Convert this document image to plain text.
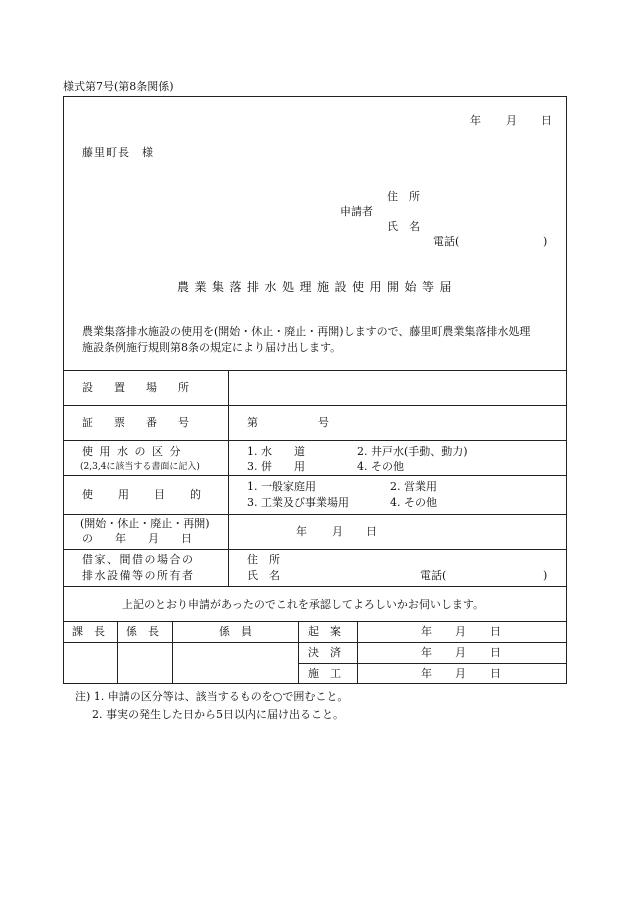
様式第7号(第8条関係)
年 月 日
藤里町長　様
住　所
申請者
氏　名
電話(	)
農業集落排水処理施設使用開始等届
農業集落排水施設の使用を(開始・休止・廃止・再開)しますので、藤里町農業集落排水処理
施設条例施行規則第8条の規定により届け出します。
設　置　場　所
証　票　番　号	第	号
使 用 水 の 区 分
(2,3,4に該当する書面に記入)
1. 水　　道	2. 井戸水(手動、動力)
3. 併　　用	4. その他
使　　用　　目　　的
1. 一般家庭用	2. 営業用
3. 工業及び事業場用	4. その他
(開始・休止・廃止・再開)
の　　年　　月　　日
年 月 日
借家、間借の場合の
排水設備等の所有者
住　所
氏　名	電話(	)
上記のとおり申請があったのでこれを承認してよろしいかお伺いします。
課　長 係　長	係　員	起　案	年 月 日
決　済	年 月 日
施　工	年 月 日
注) 1. 申請の区分等は、該当するものを○で囲むこと。
2. 事実の発生した日から5日以内に届け出ること。
